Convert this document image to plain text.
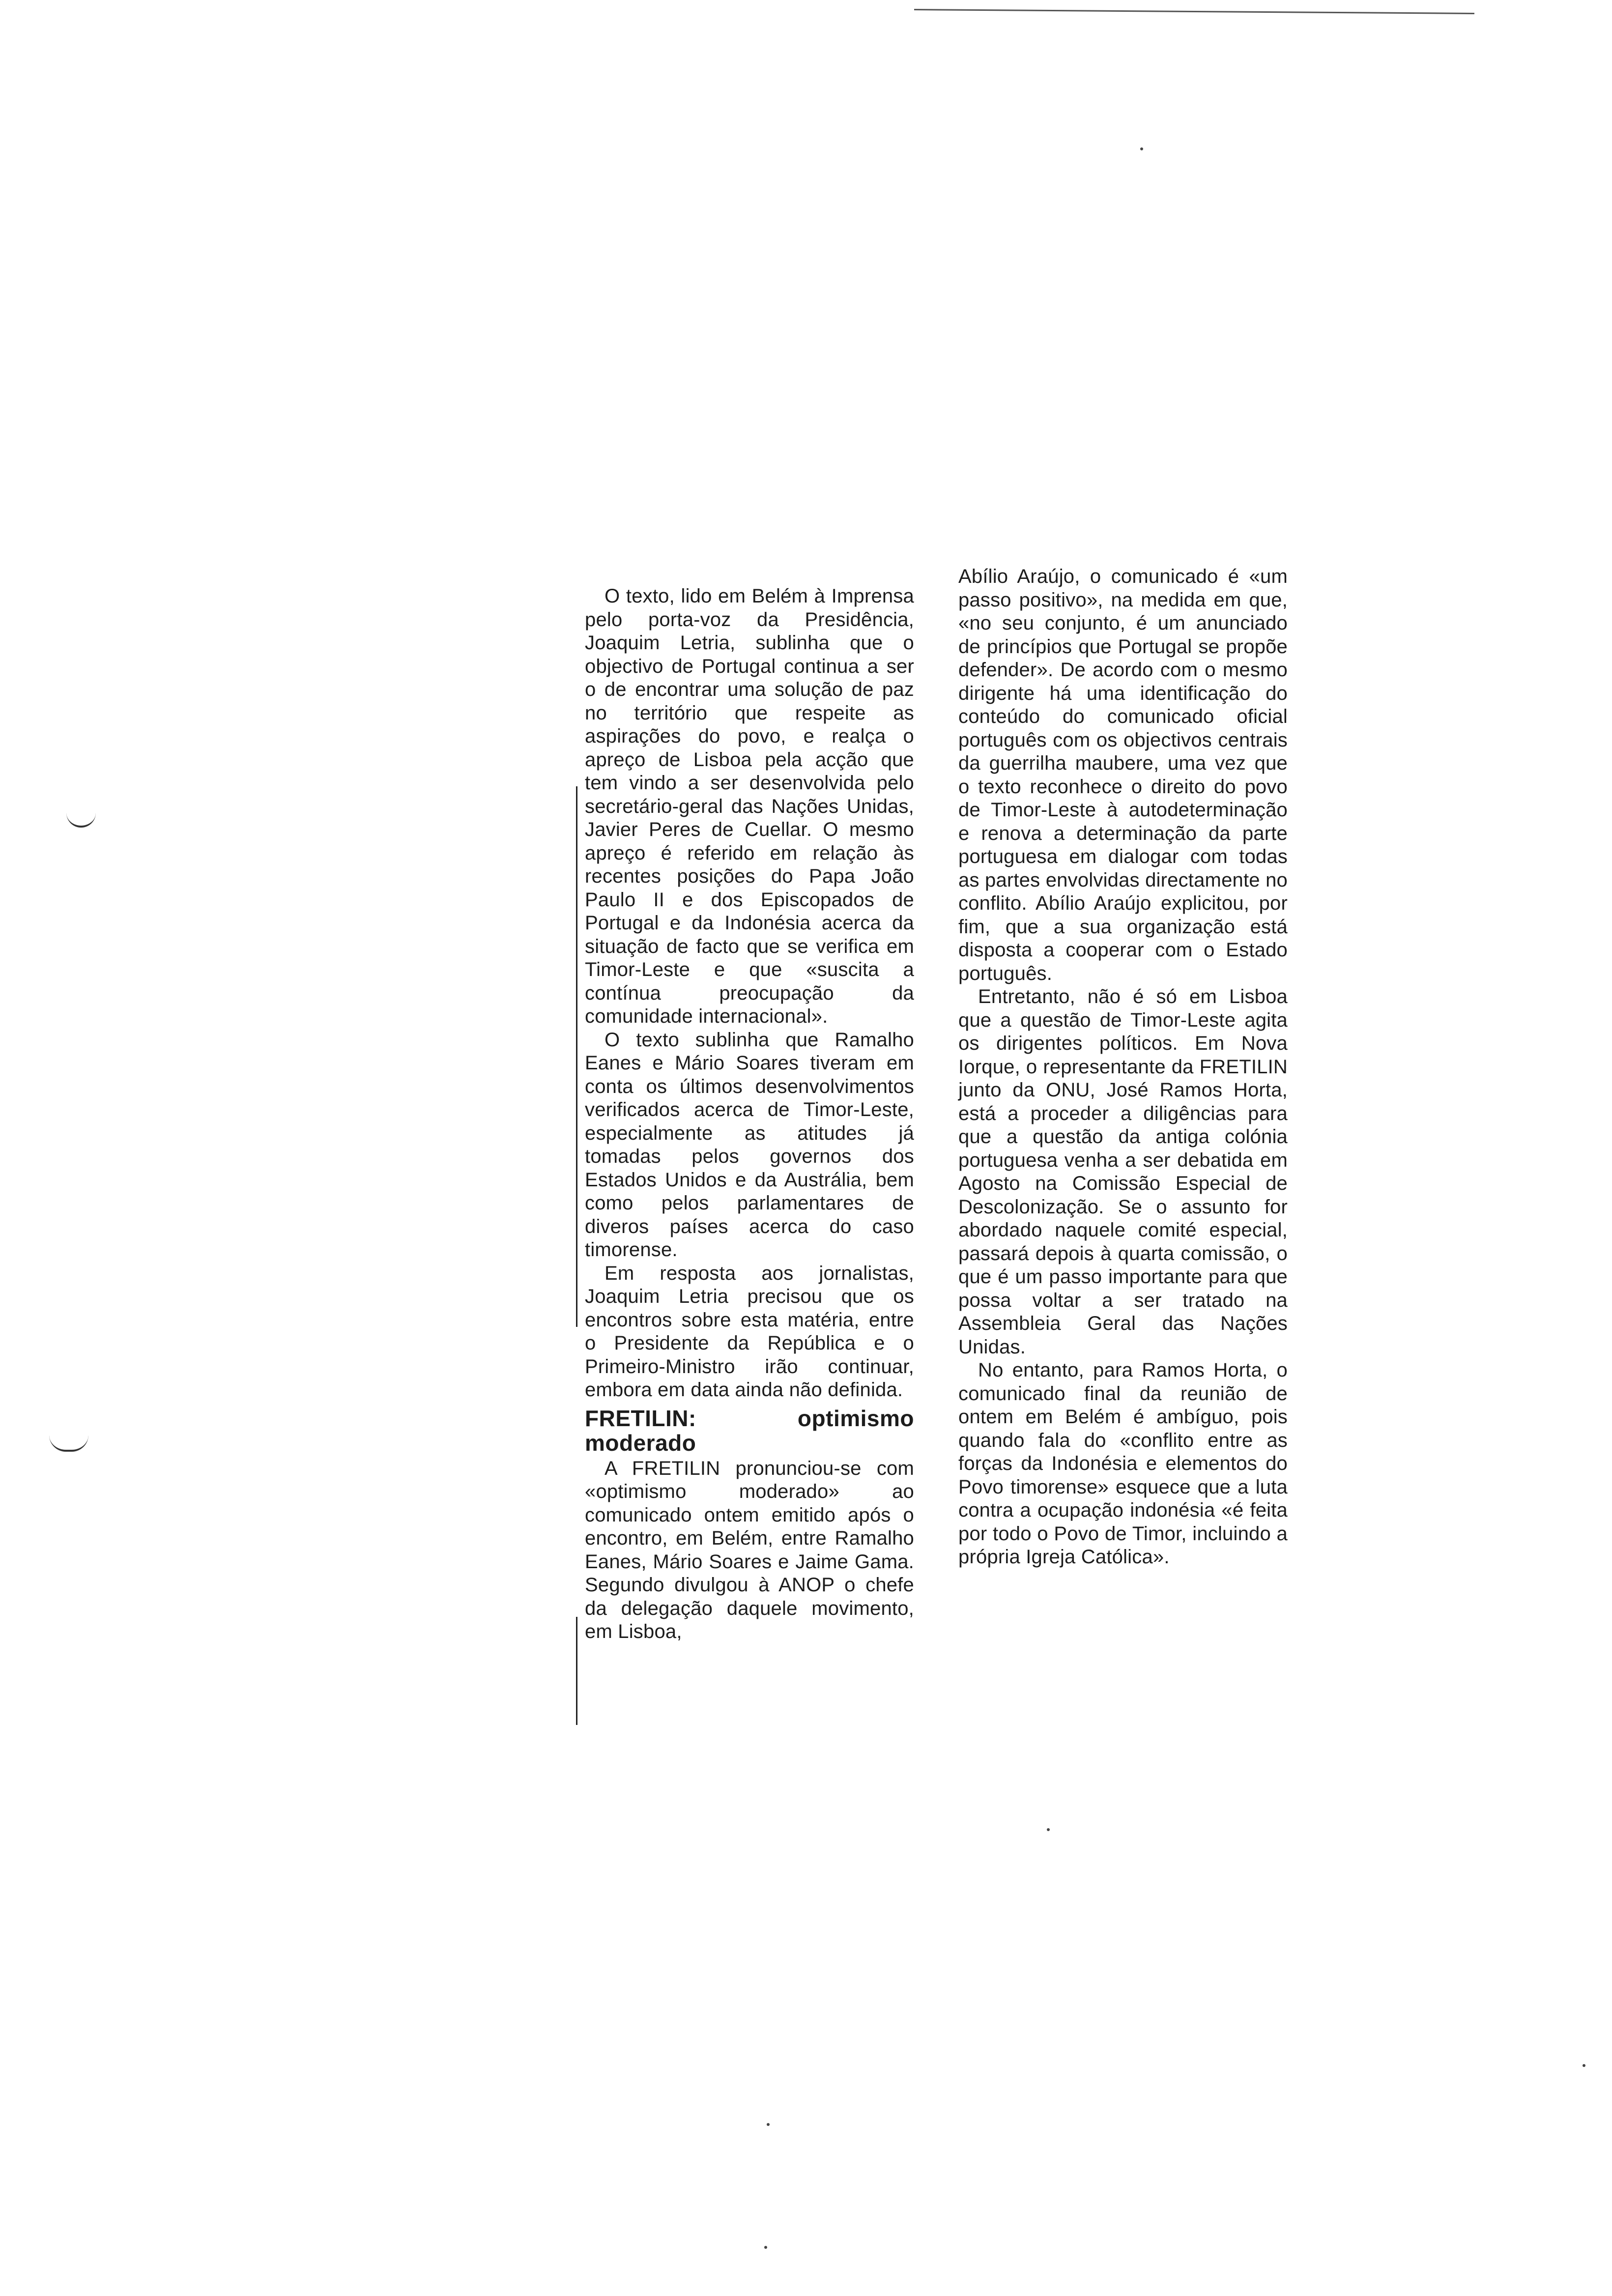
O texto, lido em Belém à Imprensa pelo porta-voz da Presidência, Joaquim Letria, sublinha que o objectivo de Portugal continua a ser o de encontrar uma solução de paz no território que respeite as aspirações do povo, e realça o apreço de Lisboa pela acção que tem vindo a ser desenvolvida pelo secretário-geral das Nações Unidas, Javier Peres de Cuellar. O mesmo apreço é referido em relação às recentes posições do Papa João Paulo II e dos Episcopados de Portugal e da Indonésia acerca da situação de facto que se verifica em Timor-Leste e que «suscita a contínua preocupação da comunidade internacional».

O texto sublinha que Ramalho Eanes e Mário Soares tiveram em conta os últimos desenvolvimentos verificados acerca de Timor-Leste, especialmente as atitudes já tomadas pelos governos dos Estados Unidos e da Austrália, bem como pelos parlamentares de diveros países acerca do caso timorense.

Em resposta aos jornalistas, Joaquim Letria precisou que os encontros sobre esta matéria, entre o Presidente da República e o Primeiro-Ministro irão continuar, embora em data ainda não definida.

FRETILIN: optimismo moderado

A FRETILIN pronunciou-se com «optimismo moderado» ao comunicado ontem emitido após o encontro, em Belém, entre Ramalho Eanes, Mário Soares e Jaime Gama. Segundo divulgou à ANOP o chefe da delegação daquele movimento, em Lisboa,

Abílio Araújo, o comunicado é «um passo positivo», na medida em que, «no seu conjunto, é um anunciado de princípios que Portugal se propõe defender». De acordo com o mesmo dirigente há uma identificação do conteúdo do comunicado oficial português com os objectivos centrais da guerrilha maubere, uma vez que o texto reconhece o direito do povo de Timor-Leste à autodeterminação e renova a determinação da parte portuguesa em dialogar com todas as partes envolvidas directamente no conflito. Abílio Araújo explicitou, por fim, que a sua organização está disposta a cooperar com o Estado português.

Entretanto, não é só em Lisboa que a questão de Timor-Leste agita os dirigentes políticos. Em Nova Iorque, o representante da FRETILIN junto da ONU, José Ramos Horta, está a proceder a diligências para que a questão da antiga colónia portuguesa venha a ser debatida em Agosto na Comissão Especial de Descolonização. Se o assunto for abordado naquele comité especial, passará depois à quarta comissão, o que é um passo importante para que possa voltar a ser tratado na Assembleia Geral das Nações Unidas.

No entanto, para Ramos Horta, o comunicado final da reunião de ontem em Belém é ambíguo, pois quando fala do «conflito entre as forças da Indonésia e elementos do Povo timorense» esquece que a luta contra a ocupação indonésia «é feita por todo o Povo de Timor, incluindo a própria Igreja Católica».
